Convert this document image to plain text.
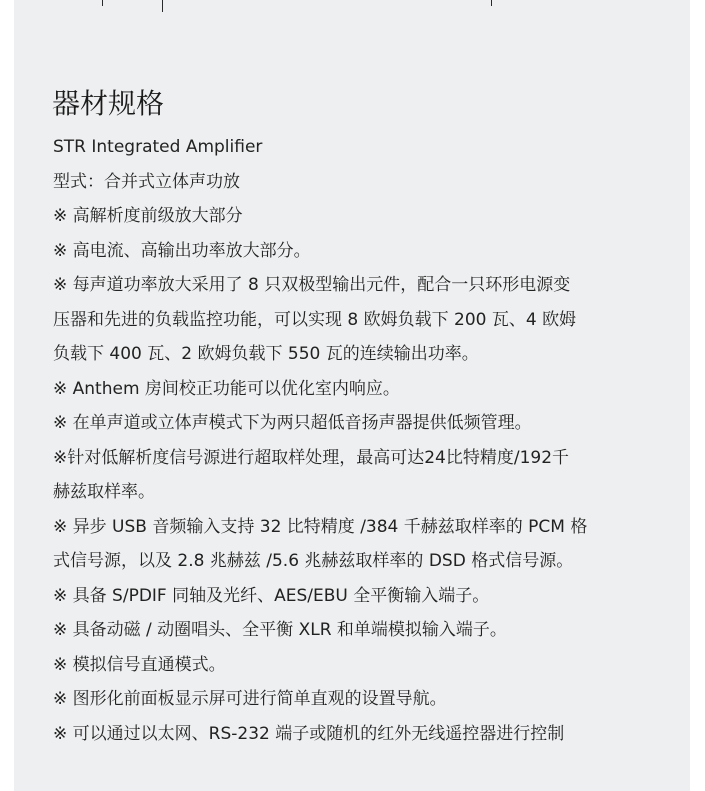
器材规格
STR Integrated Amplifier
型式：合并式立体声功放
※ 高解析度前级放大部分
※ 高电流、高输出功率放大部分。
※ 每声道功率放大采用了 8 只双极型输出元件，配合一只环形电源变
压器和先进的负载监控功能，可以实现 8 欧姆负载下 200 瓦、4 欧姆
负载下 400 瓦、2 欧姆负载下 550 瓦的连续输出功率。
※ Anthem 房间校正功能可以优化室内响应。
※ 在单声道或立体声模式下为两只超低音扬声器提供低频管理。
※针对低解析度信号源进行超取样处理，最高可达24比特精度/192千
赫兹取样率。
※ 异步 USB 音频输入支持 32 比特精度 /384 千赫兹取样率的 PCM 格
式信号源，以及 2.8 兆赫兹 /5.6 兆赫兹取样率的 DSD 格式信号源。
※ 具备 S/PDIF 同轴及光纤、AES/EBU 全平衡输入端子。
※ 具备动磁 / 动圈唱头、全平衡 XLR 和单端模拟输入端子。
※ 模拟信号直通模式。
※ 图形化前面板显示屏可进行简单直观的设置导航。
※ 可以通过以太网、RS-232 端子或随机的红外无线遥控器进行控制
